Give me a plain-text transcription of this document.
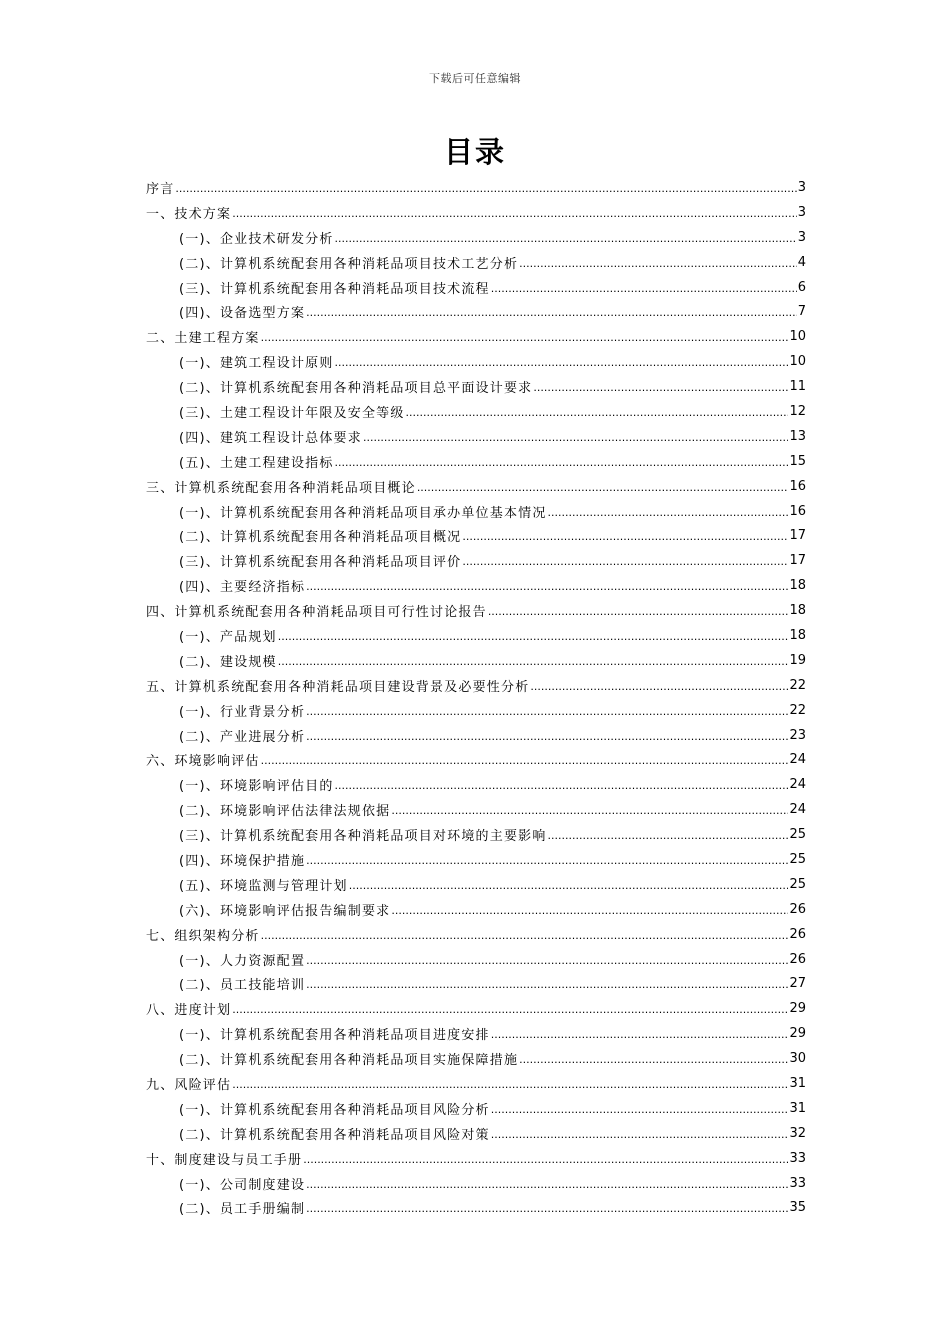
下载后可任意编辑
目录
序言 .....	3
一、技术方案 .....	3
(一)、企业技术研发分析 .....	3
(二)、计算机系统配套用各种消耗品项目技术工艺分析 .....	4
(三)、计算机系统配套用各种消耗品项目技术流程 .....	6
(四)、设备选型方案 .....	7
二、土建工程方案 .....	10
(一)、建筑工程设计原则 .....	10
(二)、计算机系统配套用各种消耗品项目总平面设计要求 .....	11
(三)、土建工程设计年限及安全等级 .....	12
(四)、建筑工程设计总体要求 .....	13
(五)、土建工程建设指标 .....	15
三、计算机系统配套用各种消耗品项目概论 .....	16
(一)、计算机系统配套用各种消耗品项目承办单位基本情况 .....	16
(二)、计算机系统配套用各种消耗品项目概况 .....	17
(三)、计算机系统配套用各种消耗品项目评价 .....	17
(四)、主要经济指标 .....	18
四、计算机系统配套用各种消耗品项目可行性讨论报告 .....	18
(一)、产品规划 .....	18
(二)、建设规模 .....	19
五、计算机系统配套用各种消耗品项目建设背景及必要性分析 .....	22
(一)、行业背景分析 .....	22
(二)、产业进展分析 .....	23
六、环境影响评估 .....	24
(一)、环境影响评估目的 .....	24
(二)、环境影响评估法律法规依据 .....	24
(三)、计算机系统配套用各种消耗品项目对环境的主要影响 .....	25
(四)、环境保护措施 .....	25
(五)、环境监测与管理计划 .....	25
(六)、环境影响评估报告编制要求 .....	26
七、组织架构分析 .....	26
(一)、人力资源配置 .....	26
(二)、员工技能培训 .....	27
八、进度计划 .....	29
(一)、计算机系统配套用各种消耗品项目进度安排 .....	29
(二)、计算机系统配套用各种消耗品项目实施保障措施 .....	30
九、风险评估 .....	31
(一)、计算机系统配套用各种消耗品项目风险分析 .....	31
(二)、计算机系统配套用各种消耗品项目风险对策 .....	32
十、制度建设与员工手册 .....	33
(一)、公司制度建设 .....	33
(二)、员工手册编制 .....	35
